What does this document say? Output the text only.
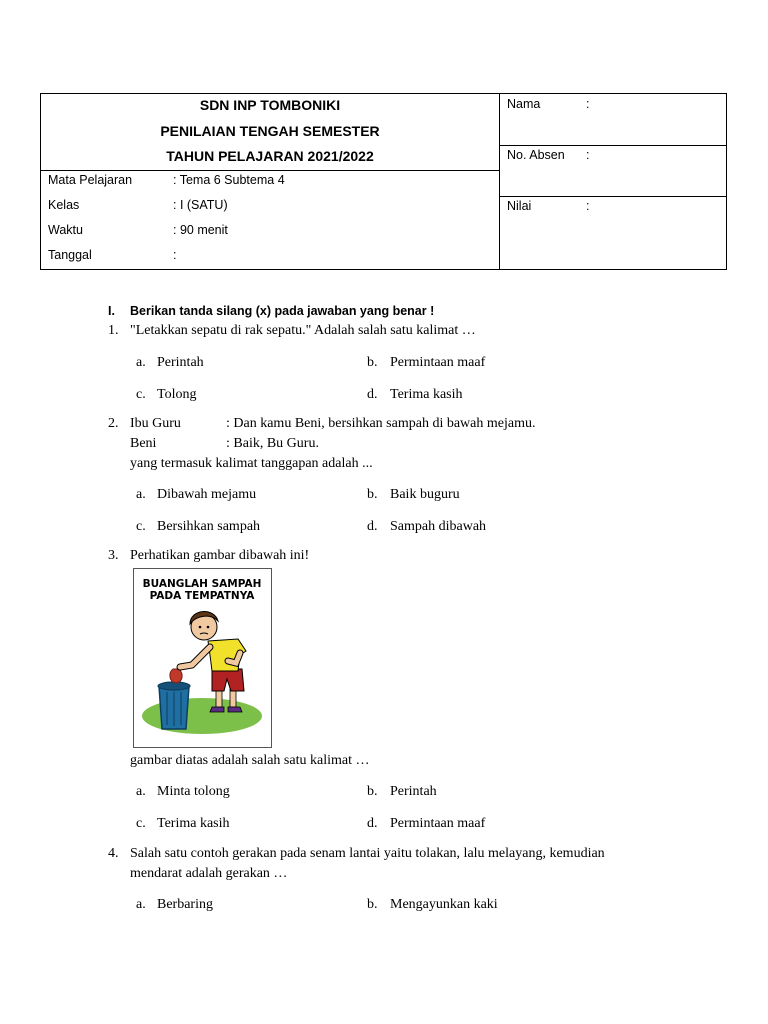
SDN INP TOMBONIKI
PENILAIAN TENGAH SEMESTER
TAHUN PELAJARAN 2021/2022
Mata Pelajaran	: Tema 6 Subtema 4
Kelas	: I (SATU)
Waktu	: 90 menit
Tanggal	:
Nama	:
No. Absen :
Nilai	:
I. Berikan tanda silang (x) pada jawaban yang benar !
1. "Letakkan sepatu di rak sepatu." Adalah salah satu kalimat …
a. Perintah	b. Permintaan maaf
c. Tolong	d. Terima kasih
2. Ibu Guru	: Dan kamu Beni, bersihkan sampah di bawah mejamu.
Beni	: Baik, Bu Guru.
yang termasuk kalimat tanggapan adalah ...
a. Dibawah mejamu	b. Baik buguru
c. Bersihkan sampah	d. Sampah dibawah
3. Perhatikan gambar dibawah ini!
BUANGLAH SAMPAH
PADA TEMPATNYA
gambar diatas adalah salah satu kalimat …
a. Minta tolong	b. Perintah
c. Terima kasih	d. Permintaan maaf
4. Salah satu contoh gerakan pada senam lantai yaitu tolakan, lalu melayang, kemudian
mendarat adalah gerakan …
a. Berbaring	b. Mengayunkan kaki
